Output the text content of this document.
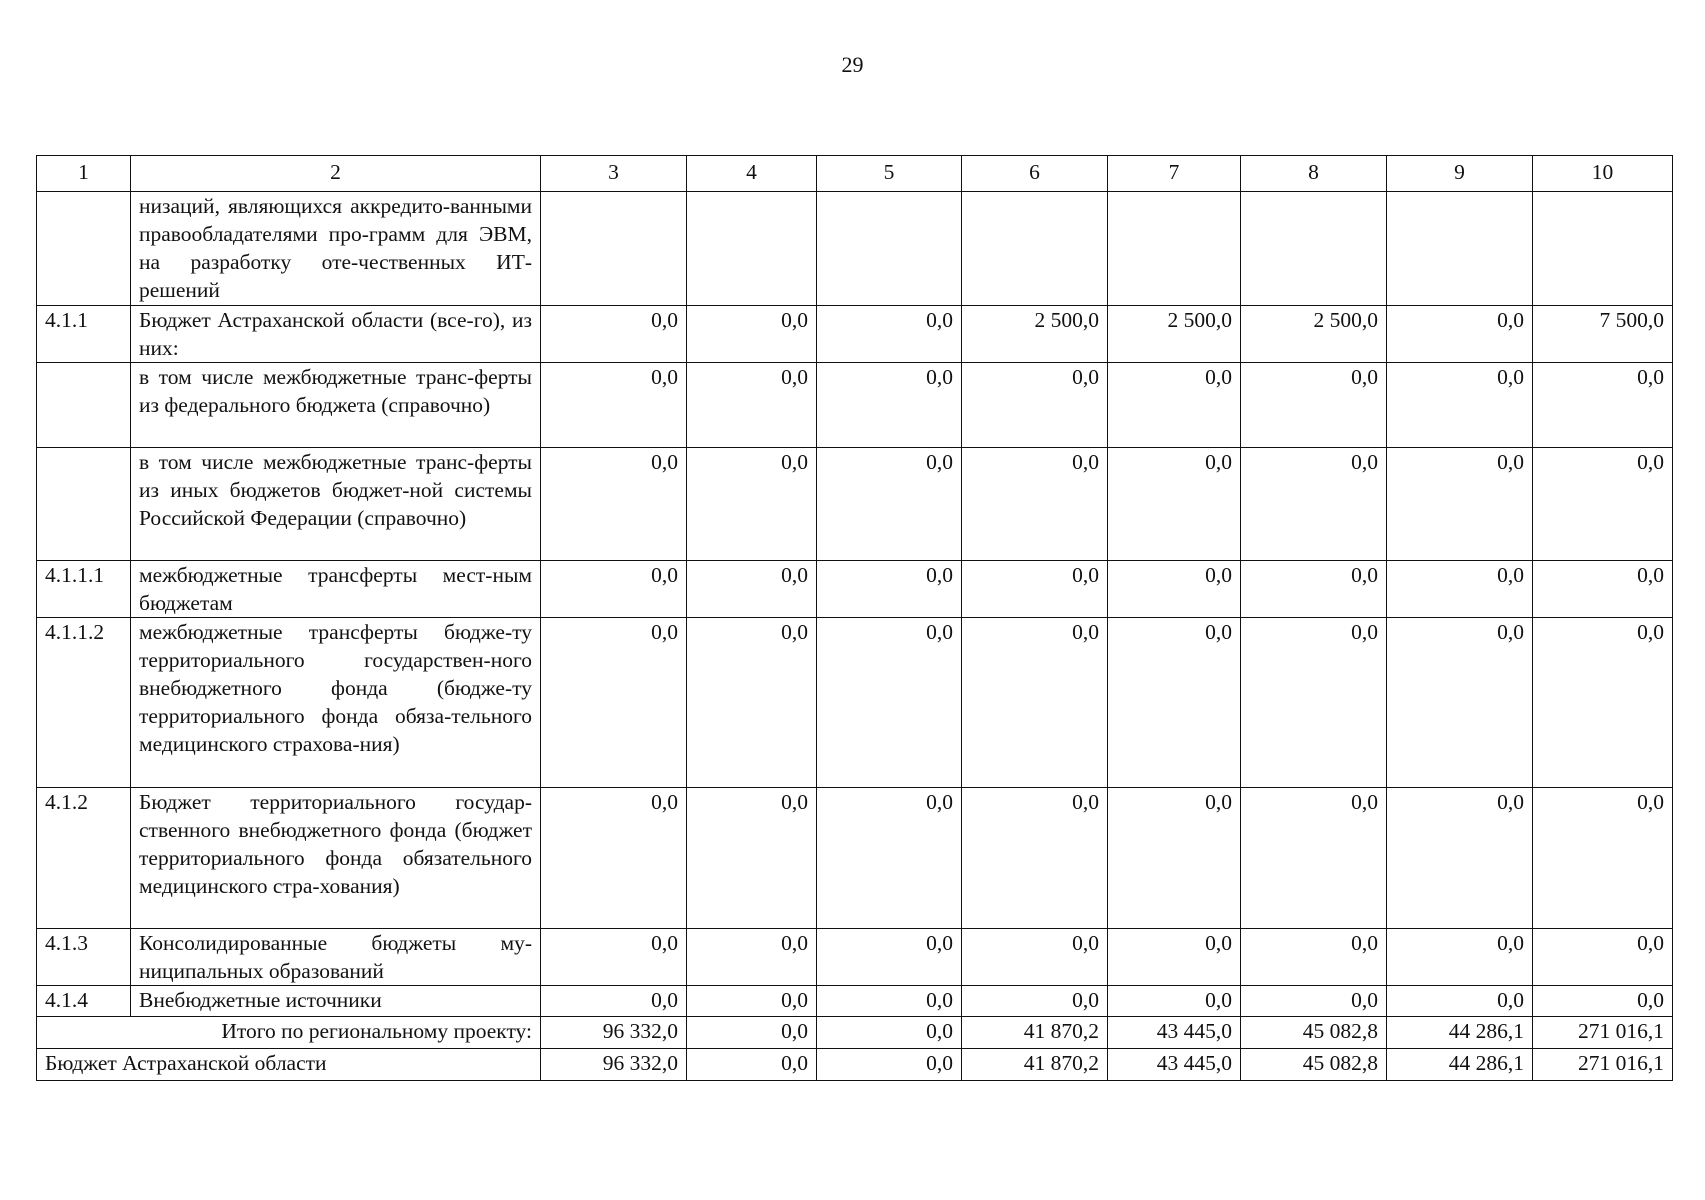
29
1	2	3	4	5	6	7	8	9	10
	низаций, являющихся аккредито-ванными правообладателями про-грамм для ЭВМ, на разработку оте-чественных ИТ-решений								
4.1.1	Бюджет Астраханской области (все-го), из них:	0,0	0,0	0,0	2 500,0	2 500,0	2 500,0	0,0	7 500,0
	в том числе межбюджетные транс-ферты из федерального бюджета (справочно)	0,0	0,0	0,0	0,0	0,0	0,0	0,0	0,0
	в том числе межбюджетные транс-ферты из иных бюджетов бюджет-ной системы Российской Федерации (справочно)	0,0	0,0	0,0	0,0	0,0	0,0	0,0	0,0
4.1.1.1	межбюджетные трансферты мест-ным бюджетам	0,0	0,0	0,0	0,0	0,0	0,0	0,0	0,0
4.1.1.2	межбюджетные трансферты бюдже-ту территориального государствен-ного внебюджетного фонда (бюдже-ту территориального фонда обяза-тельного медицинского страхова-ния)	0,0	0,0	0,0	0,0	0,0	0,0	0,0	0,0
4.1.2	Бюджет территориального государ-ственного внебюджетного фонда (бюджет территориального фонда обязательного медицинского стра-хования)	0,0	0,0	0,0	0,0	0,0	0,0	0,0	0,0
4.1.3	Консолидированные бюджеты му-ниципальных образований	0,0	0,0	0,0	0,0	0,0	0,0	0,0	0,0
4.1.4	Внебюджетные источники	0,0	0,0	0,0	0,0	0,0	0,0	0,0	0,0
Итого по региональному проекту:		96 332,0	0,0	0,0	41 870,2	43 445,0	45 082,8	44 286,1	271 016,1
Бюджет Астраханской области		96 332,0	0,0	0,0	41 870,2	43 445,0	45 082,8	44 286,1	271 016,1
